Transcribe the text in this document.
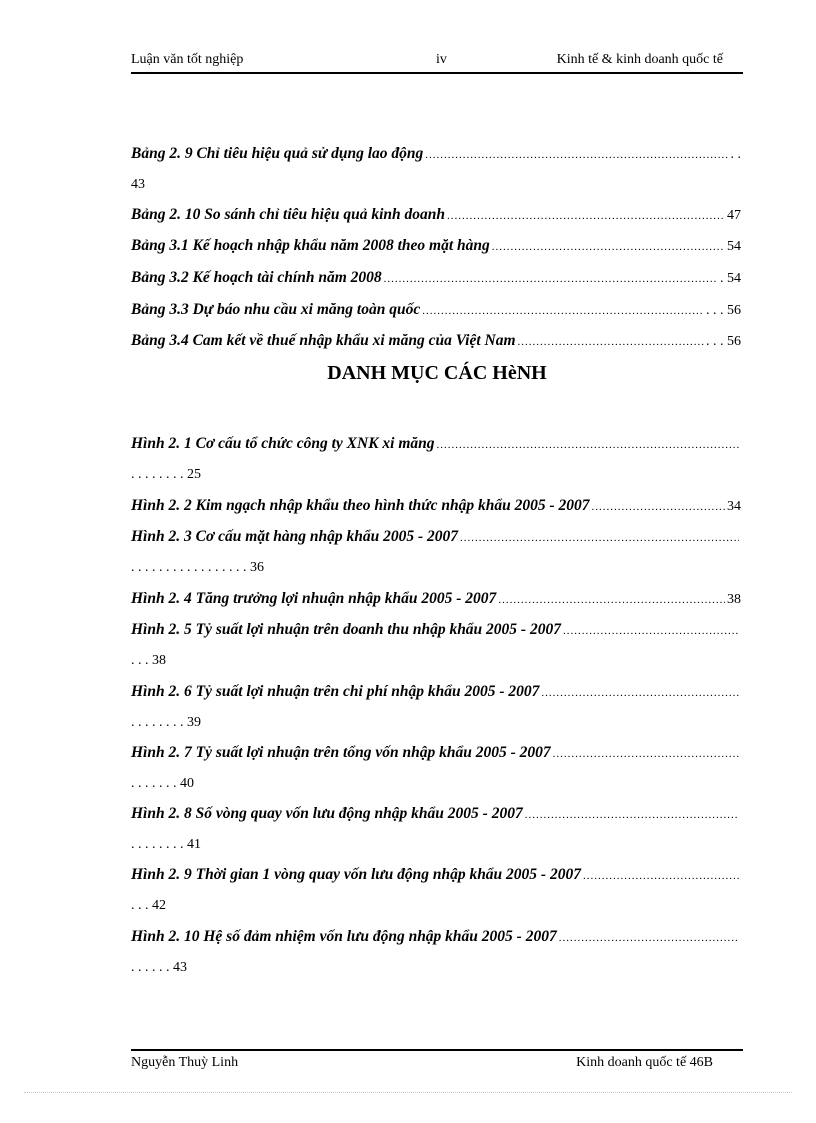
Luận văn tốt nghiệp	iv	Kinh tế & kinh doanh quốc tế
Bảng 2. 9 Chỉ tiêu hiệu quả sử dụng lao động .....	. .
43
Bảng 2. 10 So sánh chỉ tiêu hiệu quả kinh doanh .....	47
Bảng 3.1 Kế hoạch nhập khẩu năm 2008 theo mặt hàng .....	54
Bảng 3.2 Kế hoạch tài chính năm 2008 .....	. 54
Bảng 3.3 Dự báo nhu cầu xi măng toàn quốc .....	. . . 56
Bảng 3.4 Cam kết về thuế nhập khẩu xi măng của Việt Nam .....	. . . 56
DANH MỤC CÁC HèNH
Hình 2. 1 Cơ cấu tổ chức công ty XNK xi măng
.....
. . . . . . . . 25
Hình 2. 2 Kim ngạch nhập khẩu theo hình thức nhập khẩu 2005 - 2007 .....	34
Hình 2. 3 Cơ cấu mặt hàng nhập khẩu 2005 - 2007
.....
. . . . . . . . . . . . . . . . . 36
Hình 2. 4 Tăng trưởng lợi nhuận nhập khẩu 2005 - 2007 .....	38
Hình 2. 5 Tỷ suất lợi nhuận trên doanh thu nhập khẩu 2005 - 2007
.....
. . . 38
Hình 2. 6 Tỷ suất lợi nhuận trên chi phí nhập khẩu 2005 - 2007
.....
. . . . . . . . 39
Hình 2. 7 Tỷ suất lợi nhuận trên tổng vốn nhập khẩu 2005 - 2007
.....
. . . . . . . 40
Hình 2. 8 Số vòng quay vốn lưu động nhập khẩu 2005 - 2007
.....
. . . . . . . . 41
Hình 2. 9 Thời gian 1 vòng quay vốn lưu động nhập khẩu 2005 - 2007
.....
. . . 42
Hình 2. 10 Hệ số đảm nhiệm vốn lưu động nhập khẩu 2005 - 2007
.....
. . . . . . 43
Nguyễn Thuỳ Linh	Kinh doanh quốc tế 46B
